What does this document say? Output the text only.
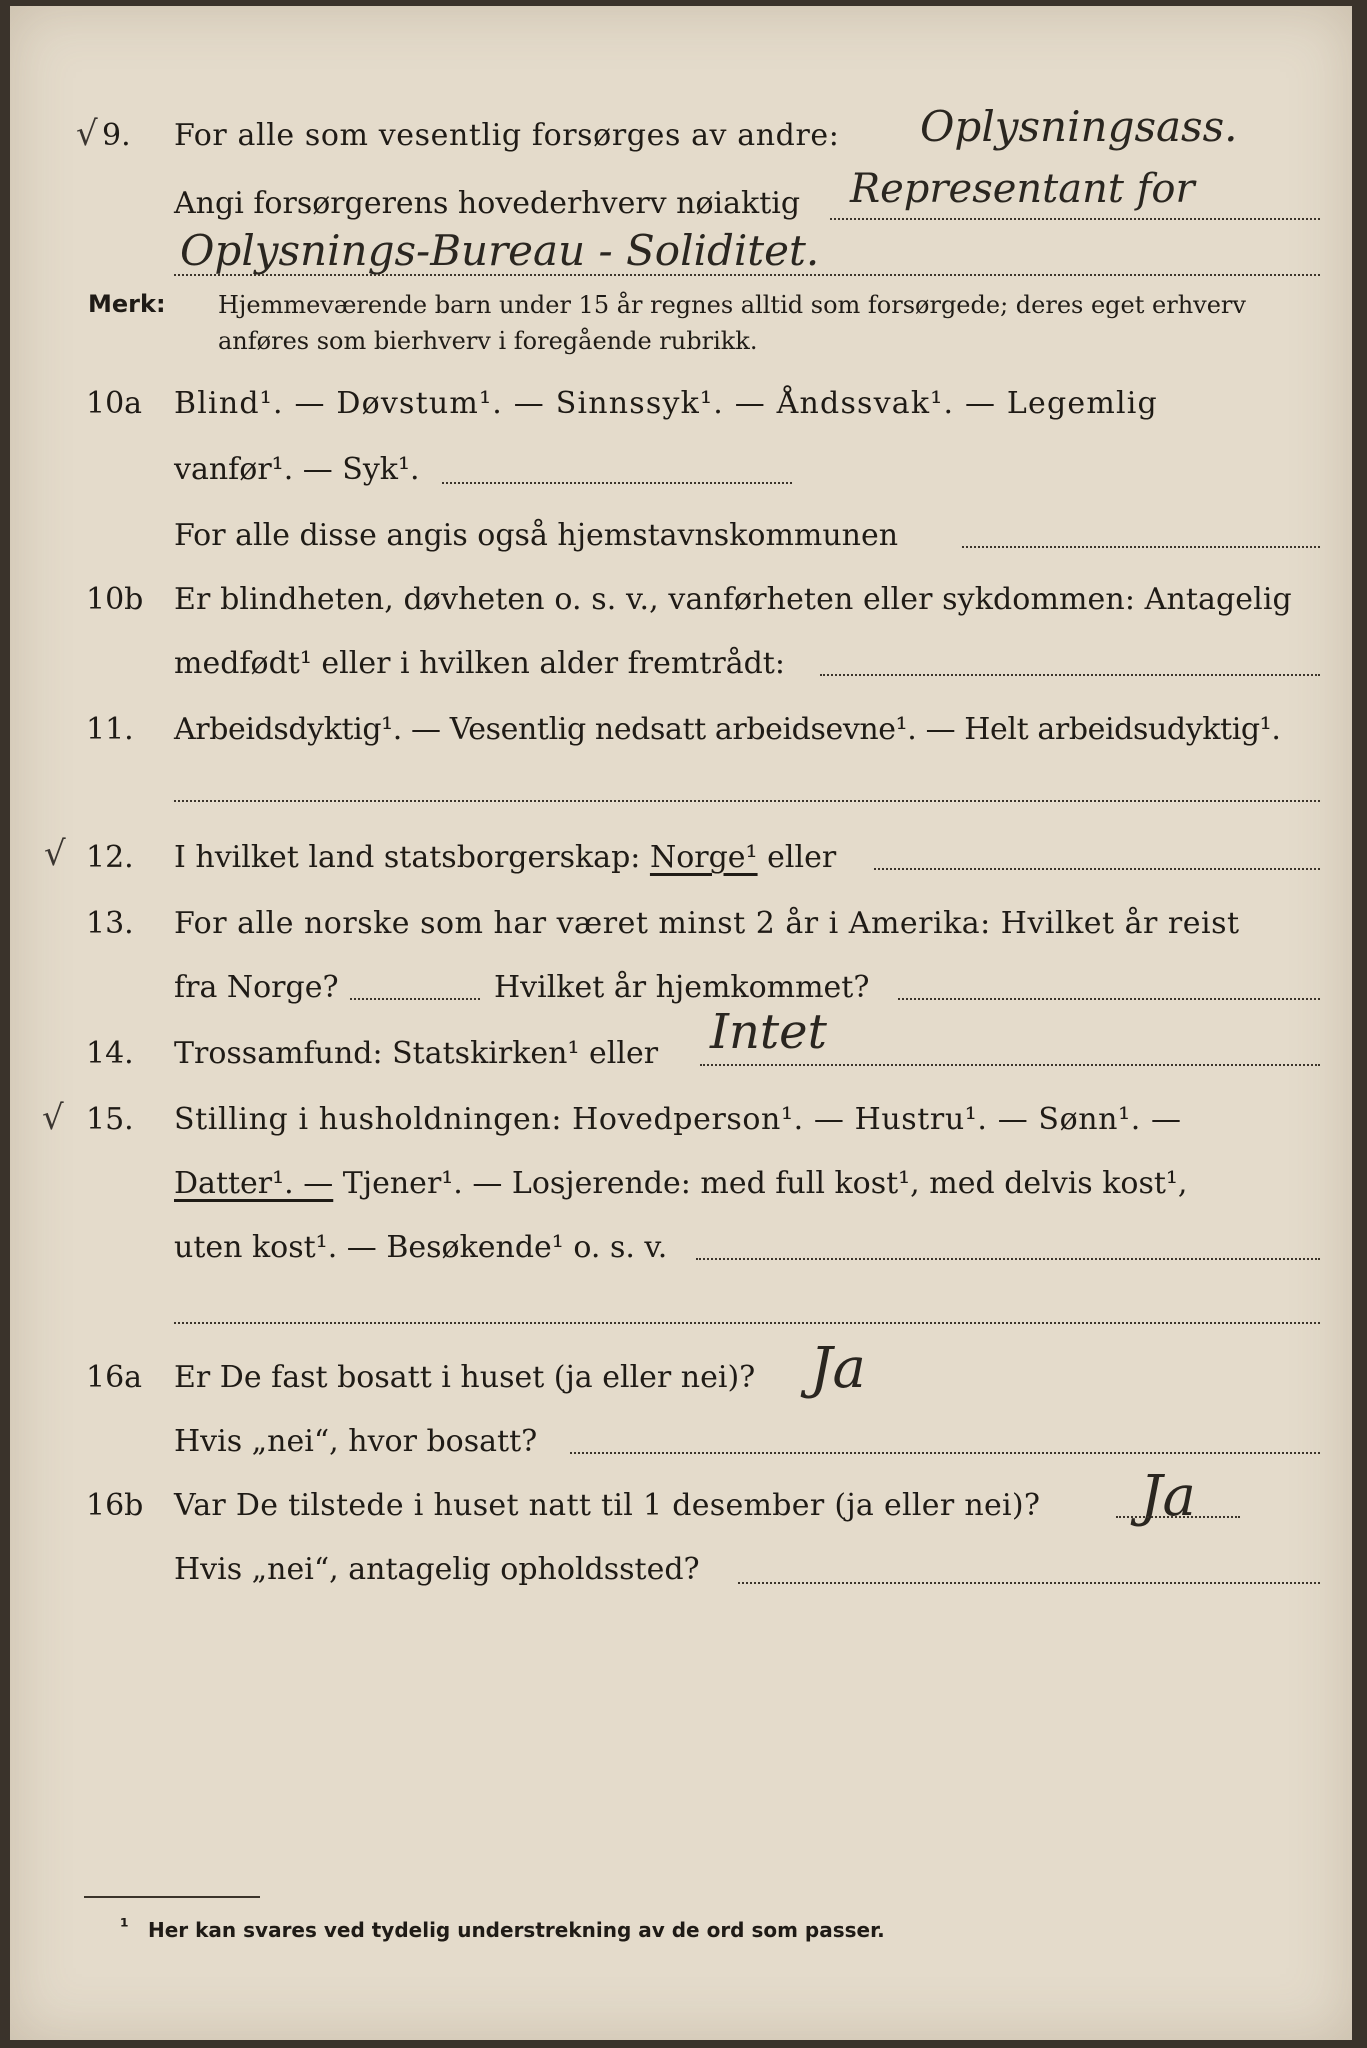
√ 9. For alle som vesentlig forsørges av andre: Oplysningsass.
Angi forsørgerens hovederhverv nøiaktig Representant for
Oplysnings-Bureau - Soliditet.
Merk: Hjemmeværende barn under 15 år regnes alltid som forsørgede; deres eget erhverv
anføres som bierhverv i foregående rubrikk.
10a Blind¹. — Døvstum¹. — Sinnssyk¹. — Åndssvak¹. — Legemlig
vanfør¹. — Syk¹.
For alle disse angis også hjemstavnskommunen
10b Er blindheten, døvheten o. s. v., vanførheten eller sykdommen: Antagelig
medfødt¹ eller i hvilken alder fremtrådt:
11. Arbeidsdyktig¹. — Vesentlig nedsatt arbeidsevne¹. — Helt arbeidsudyktig¹.
√ 12. I hvilket land statsborgerskap: Norge¹ eller
13. For alle norske som har været minst 2 år i Amerika: Hvilket år reist
fra Norge?	Hvilket år hjemkommet?
14. Trossamfund: Statskirken¹ eller Intet
√ 15. Stilling i husholdningen: Hovedperson¹. — Hustru¹. — Sønn¹. —
Datter¹. — Tjener¹. — Losjerende: med full kost¹, med delvis kost¹,
uten kost¹. — Besøkende¹ o. s. v.
16a Er De fast bosatt i huset (ja eller nei)? Ja
Hvis „nei“, hvor bosatt?
16b Var De tilstede i huset natt til 1 desember (ja eller nei)? Ja
Hvis „nei“, antagelig opholdssted?
¹ Her kan svares ved tydelig understrekning av de ord som passer.
